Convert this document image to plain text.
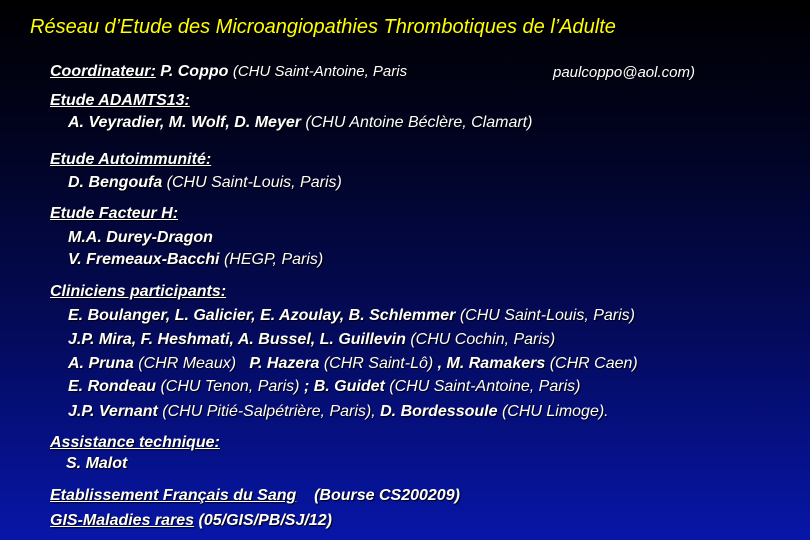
Réseau d’Etude des Microangiopathies Thrombotiques de l’Adulte
Coordinateur: P. Coppo (CHU Saint-Antoine, Paris	paulcoppo@aol.com)
Etude ADAMTS13:
A. Veyradier, M. Wolf, D. Meyer (CHU Antoine Béclère, Clamart)
Etude Autoimmunité:
D. Bengoufa (CHU Saint-Louis, Paris)
Etude Facteur H:
M.A. Durey-Dragon
V. Fremeaux-Bacchi (HEGP, Paris)
Cliniciens participants:
E. Boulanger, L. Galicier, E. Azoulay, B. Schlemmer (CHU Saint-Louis, Paris)
J.P. Mira, F. Heshmati, A. Bussel, L. Guillevin (CHU Cochin, Paris)
A. Pruna (CHR Meaux) P. Hazera (CHR Saint-Lô) , M. Ramakers (CHR Caen)
E. Rondeau (CHU Tenon, Paris) ; B. Guidet (CHU Saint-Antoine, Paris)
J.P. Vernant (CHU Pitié-Salpétrière, Paris), D. Bordessoule (CHU Limoge).
Assistance technique:
S. Malot
Etablissement Français du Sang (Bourse CS200209)
GIS-Maladies rares (05/GIS/PB/SJ/12)
